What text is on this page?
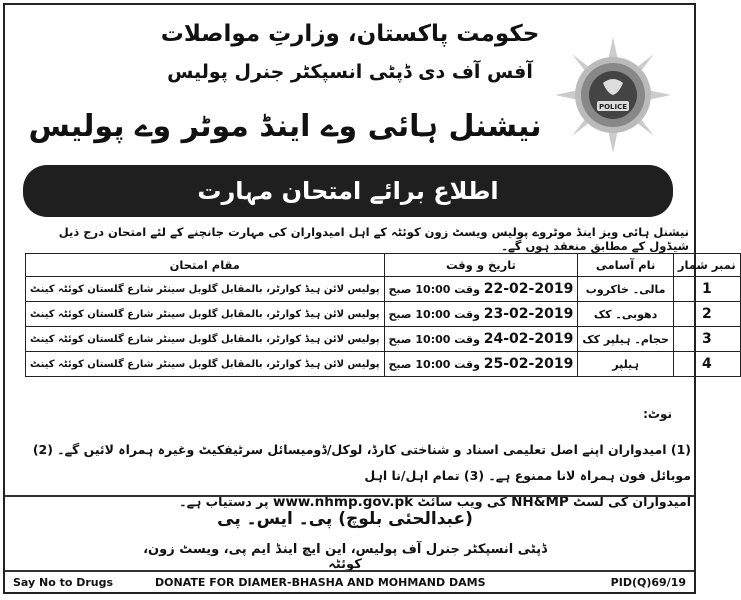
حکومت پاکستان، وزارتِ مواصلات
آفس آف دی ڈپٹی انسپکٹر جنرل پولیس
نیشنل ہائی وے اینڈ موٹر وے پولیس
POLICE
اطلاع برائے امتحان مہارت
نیشنل ہائی ویز اینڈ موٹروے پولیس ویسٹ زون کوئٹہ کے اہل امیدواران کی مہارت جانچنے کے لئے امتحان درج ذیل شیڈول کے مطابق منعقد ہوں گے۔
نمبر شمار	نام آسامی	تاریخ و وقت	مقام امتحان
1	مالی۔ خاکروب	22-02-2019 وقت 10:00 صبح	پولیس لائن ہیڈ کوارٹر، بالمقابل گلوبل سینٹر شارع گلستان کوئٹہ کینٹ
2	دھوبی۔ کک	23-02-2019 وقت 10:00 صبح	پولیس لائن ہیڈ کوارٹر، بالمقابل گلوبل سینٹر شارع گلستان کوئٹہ کینٹ
3	حجام۔ ہیلپر کک	24-02-2019 وقت 10:00 صبح	پولیس لائن ہیڈ کوارٹر، بالمقابل گلوبل سینٹر شارع گلستان کوئٹہ کینٹ
4	ہیلپر	25-02-2019 وقت 10:00 صبح	پولیس لائن ہیڈ کوارٹر، بالمقابل گلوبل سینٹر شارع گلستان کوئٹہ کینٹ
نوٹ:
(1) امیدواران اپنے اصل تعلیمی اسناد و شناختی کارڈ، لوکل/ڈومیسائل سرٹیفکیٹ وغیرہ ہمراہ لائیں گے۔ (2) موبائل فون ہمراہ لانا ممنوع ہے۔ (3) تمام اہل/نا اہل
امیدواران کی لسٹ NH&MP کی ویب سائٹ www.nhmp.gov.pk پر دستیاب ہے۔
(عبدالحئی بلوچ) پی۔ ایس۔ پی
ڈپٹی انسپکٹر جنرل آف پولیس، این ایچ اینڈ ایم پی، ویسٹ زون، کوئٹہ
Say No to Drugs	DONATE FOR DIAMER-BHASHA AND MOHMAND DAMS	PID(Q)69/19
